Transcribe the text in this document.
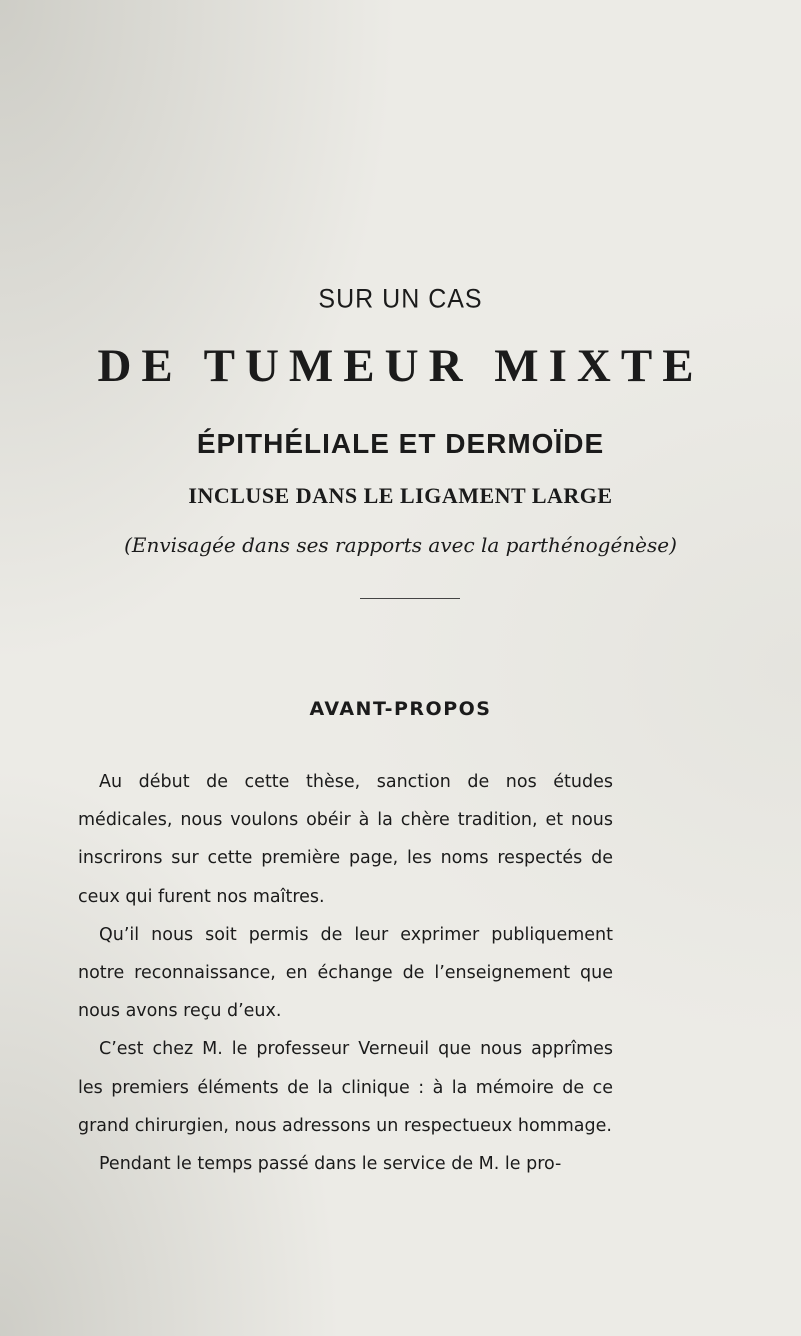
SUR UN CAS
DE TUMEUR MIXTE
ÉPITHÉLIALE ET DERMOÏDE
INCLUSE DANS LE LIGAMENT LARGE
(Envisagée dans ses rapports avec la parthénogénèse)
AVANT-PROPOS

Au début de cette thèse, sanction de nos études médicales, nous voulons obéir à la chère tradition, et nous inscrirons sur cette première page, les noms respectés de ceux qui furent nos maîtres.

Qu’il nous soit permis de leur exprimer publiquement notre reconnaissance, en échange de l’enseignement que nous avons reçu d’eux.

C’est chez M. le professeur Verneuil que nous apprîmes les premiers éléments de la clinique : à la mémoire de ce grand chirurgien, nous adressons un respectueux hommage.

Pendant le temps passé dans le service de M. le pro-
